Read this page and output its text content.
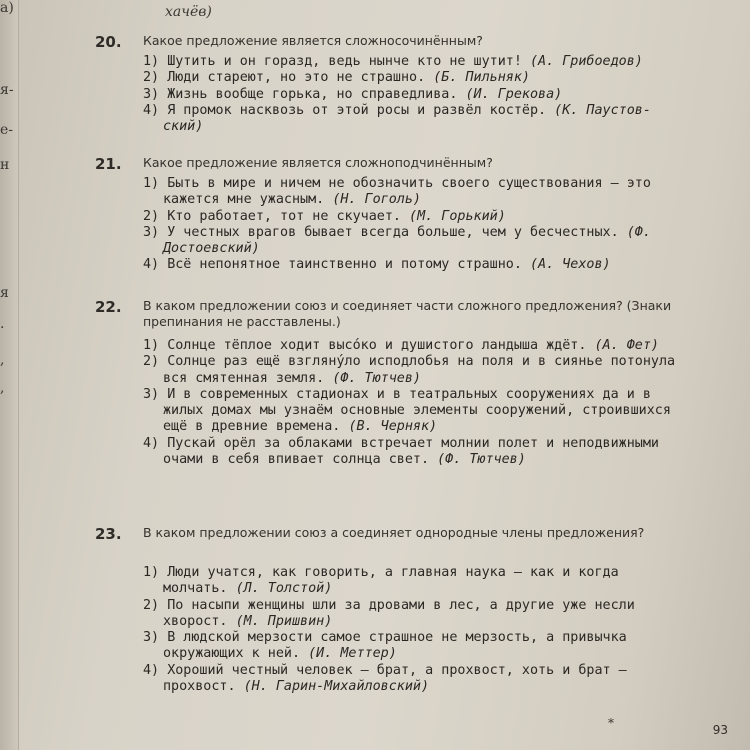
а)
я-
е-
н
я
.
,
,
хачёв)
20. Какое предложение является сложносочинённым?

1) Шутить и он горазд, ведь нынче кто не шутит! (А. Грибоедов)

2) Люди стареют, но это не страшно. (Б. Пильняк)

3) Жизнь вообще горька, но справедлива. (И. Грекова)

4) Я промок насквозь от этой росы и развёл костёр. (К. Паустов-ский)

21. Какое предложение является сложноподчинённым?

1) Быть в мире и ничем не обозначить своего существования — это кажется мне ужасным. (Н. Гоголь)

2) Кто работает, тот не скучает. (М. Горький)

3) У честных врагов бывает всегда больше, чем у бесчестных. (Ф. Достоевский)

4) Всё непонятное таинственно и потому страшно. (А. Чехов)

22. В каком предложении союз и соединяет части сложного предложения? (Знаки препинания не расставлены.)

1) Солнце тёплое ходит высо́ко и душистого ландыша ждёт. (А. Фет)

2) Солнце раз ещё взгляну́ло исподлобья на поля и в сиянье потонула вся смятенная земля. (Ф. Тютчев)

3) И в современных стадионах и в театральных сооружениях да и в жилых домах мы узнаём основные элементы сооружений, строившихся ещё в древние времена. (В. Черняк)

4) Пускай орёл за облаками встречает молнии полет и неподвижными очами в себя впивает солнца свет. (Ф. Тютчев)

23. В каком предложении союз а соединяет однородные члены предложения?

1) Люди учатся, как говорить, а главная наука — как и когда молчать. (Л. Толстой)

2) По насыпи женщины шли за дровами в лес, а другие уже несли хворост. (М. Пришвин)

3) В людской мерзости самое страшное не мерзость, а привычка окружающих к ней. (И. Меттер)

4) Хороший честный человек — брат, а прохвост, хоть и брат — прохвост. (Н. Гарин-Михайловский)

*	93
